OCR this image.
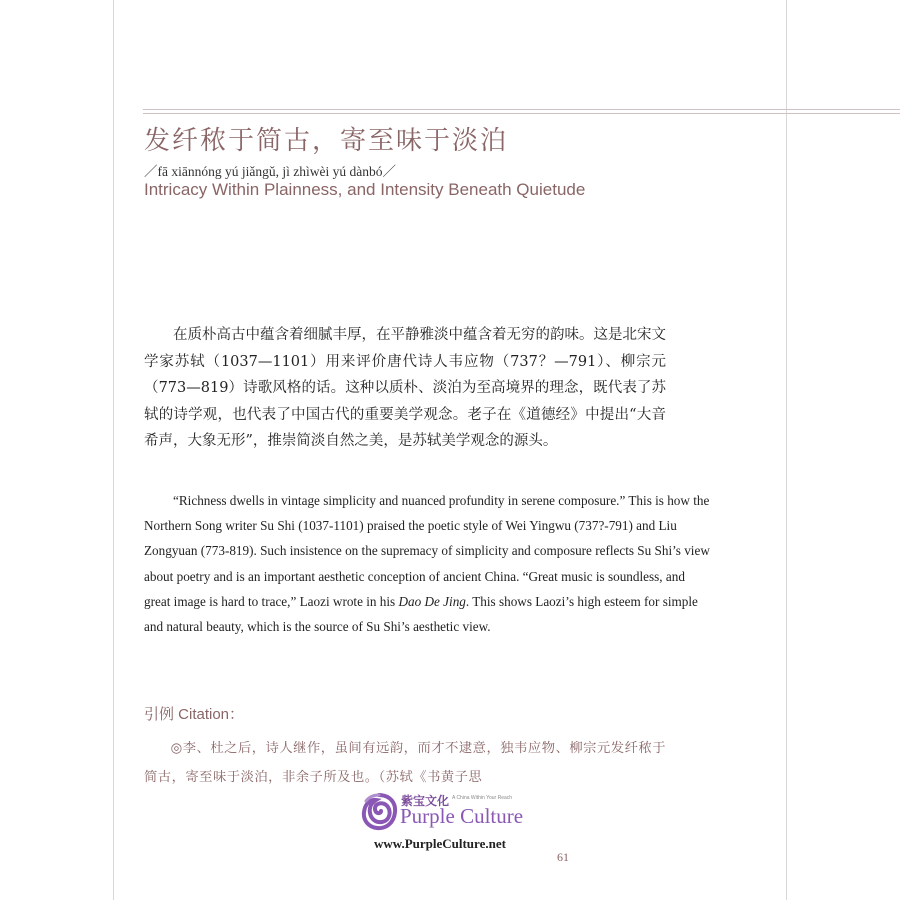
发纤秾于简古，寄至味于淡泊
／fā xiānnóng yú jiǎngǔ, jì zhìwèi yú dànbó／
Intricacy Within Plainness, and Intensity Beneath Quietude

在质朴高古中蕴含着细腻丰厚，在平静雅淡中蕴含着无穷的韵味。这是北宋文学家苏轼（1037—1101）用来评价唐代诗人韦应物（737？—791）、柳宗元（773—819）诗歌风格的话。这种以质朴、淡泊为至高境界的理念，既代表了苏轼的诗学观，也代表了中国古代的重要美学观念。老子在《道德经》中提出“大音希声，大象无形”，推崇简淡自然之美，是苏轼美学观念的源头。

“Richness dwells in vintage simplicity and nuanced profundity in serene composure.” This is how the Northern Song writer Su Shi (1037-1101) praised the poetic style of Wei Yingwu (737?-791) and Liu Zongyuan (773-819). Such insistence on the supremacy of simplicity and composure reflects Su Shi’s view about poetry and is an important aesthetic conception of ancient China. “Great music is soundless, and great image is hard to trace,” Laozi wrote in his Dao De Jing. This shows Laozi’s high esteem for simple and natural beauty, which is the source of Su Shi’s aesthetic view.

引例 Citation：

◎李、杜之后，诗人继作，虽间有远韵，而才不逮意，独韦应物、柳宗元发纤秾于简古，寄至味于淡泊，非余子所及也。（苏轼《书黄子思

61
紫宝文化 A China Within Your Reach
Purple Culture
www.PurpleCulture.net
